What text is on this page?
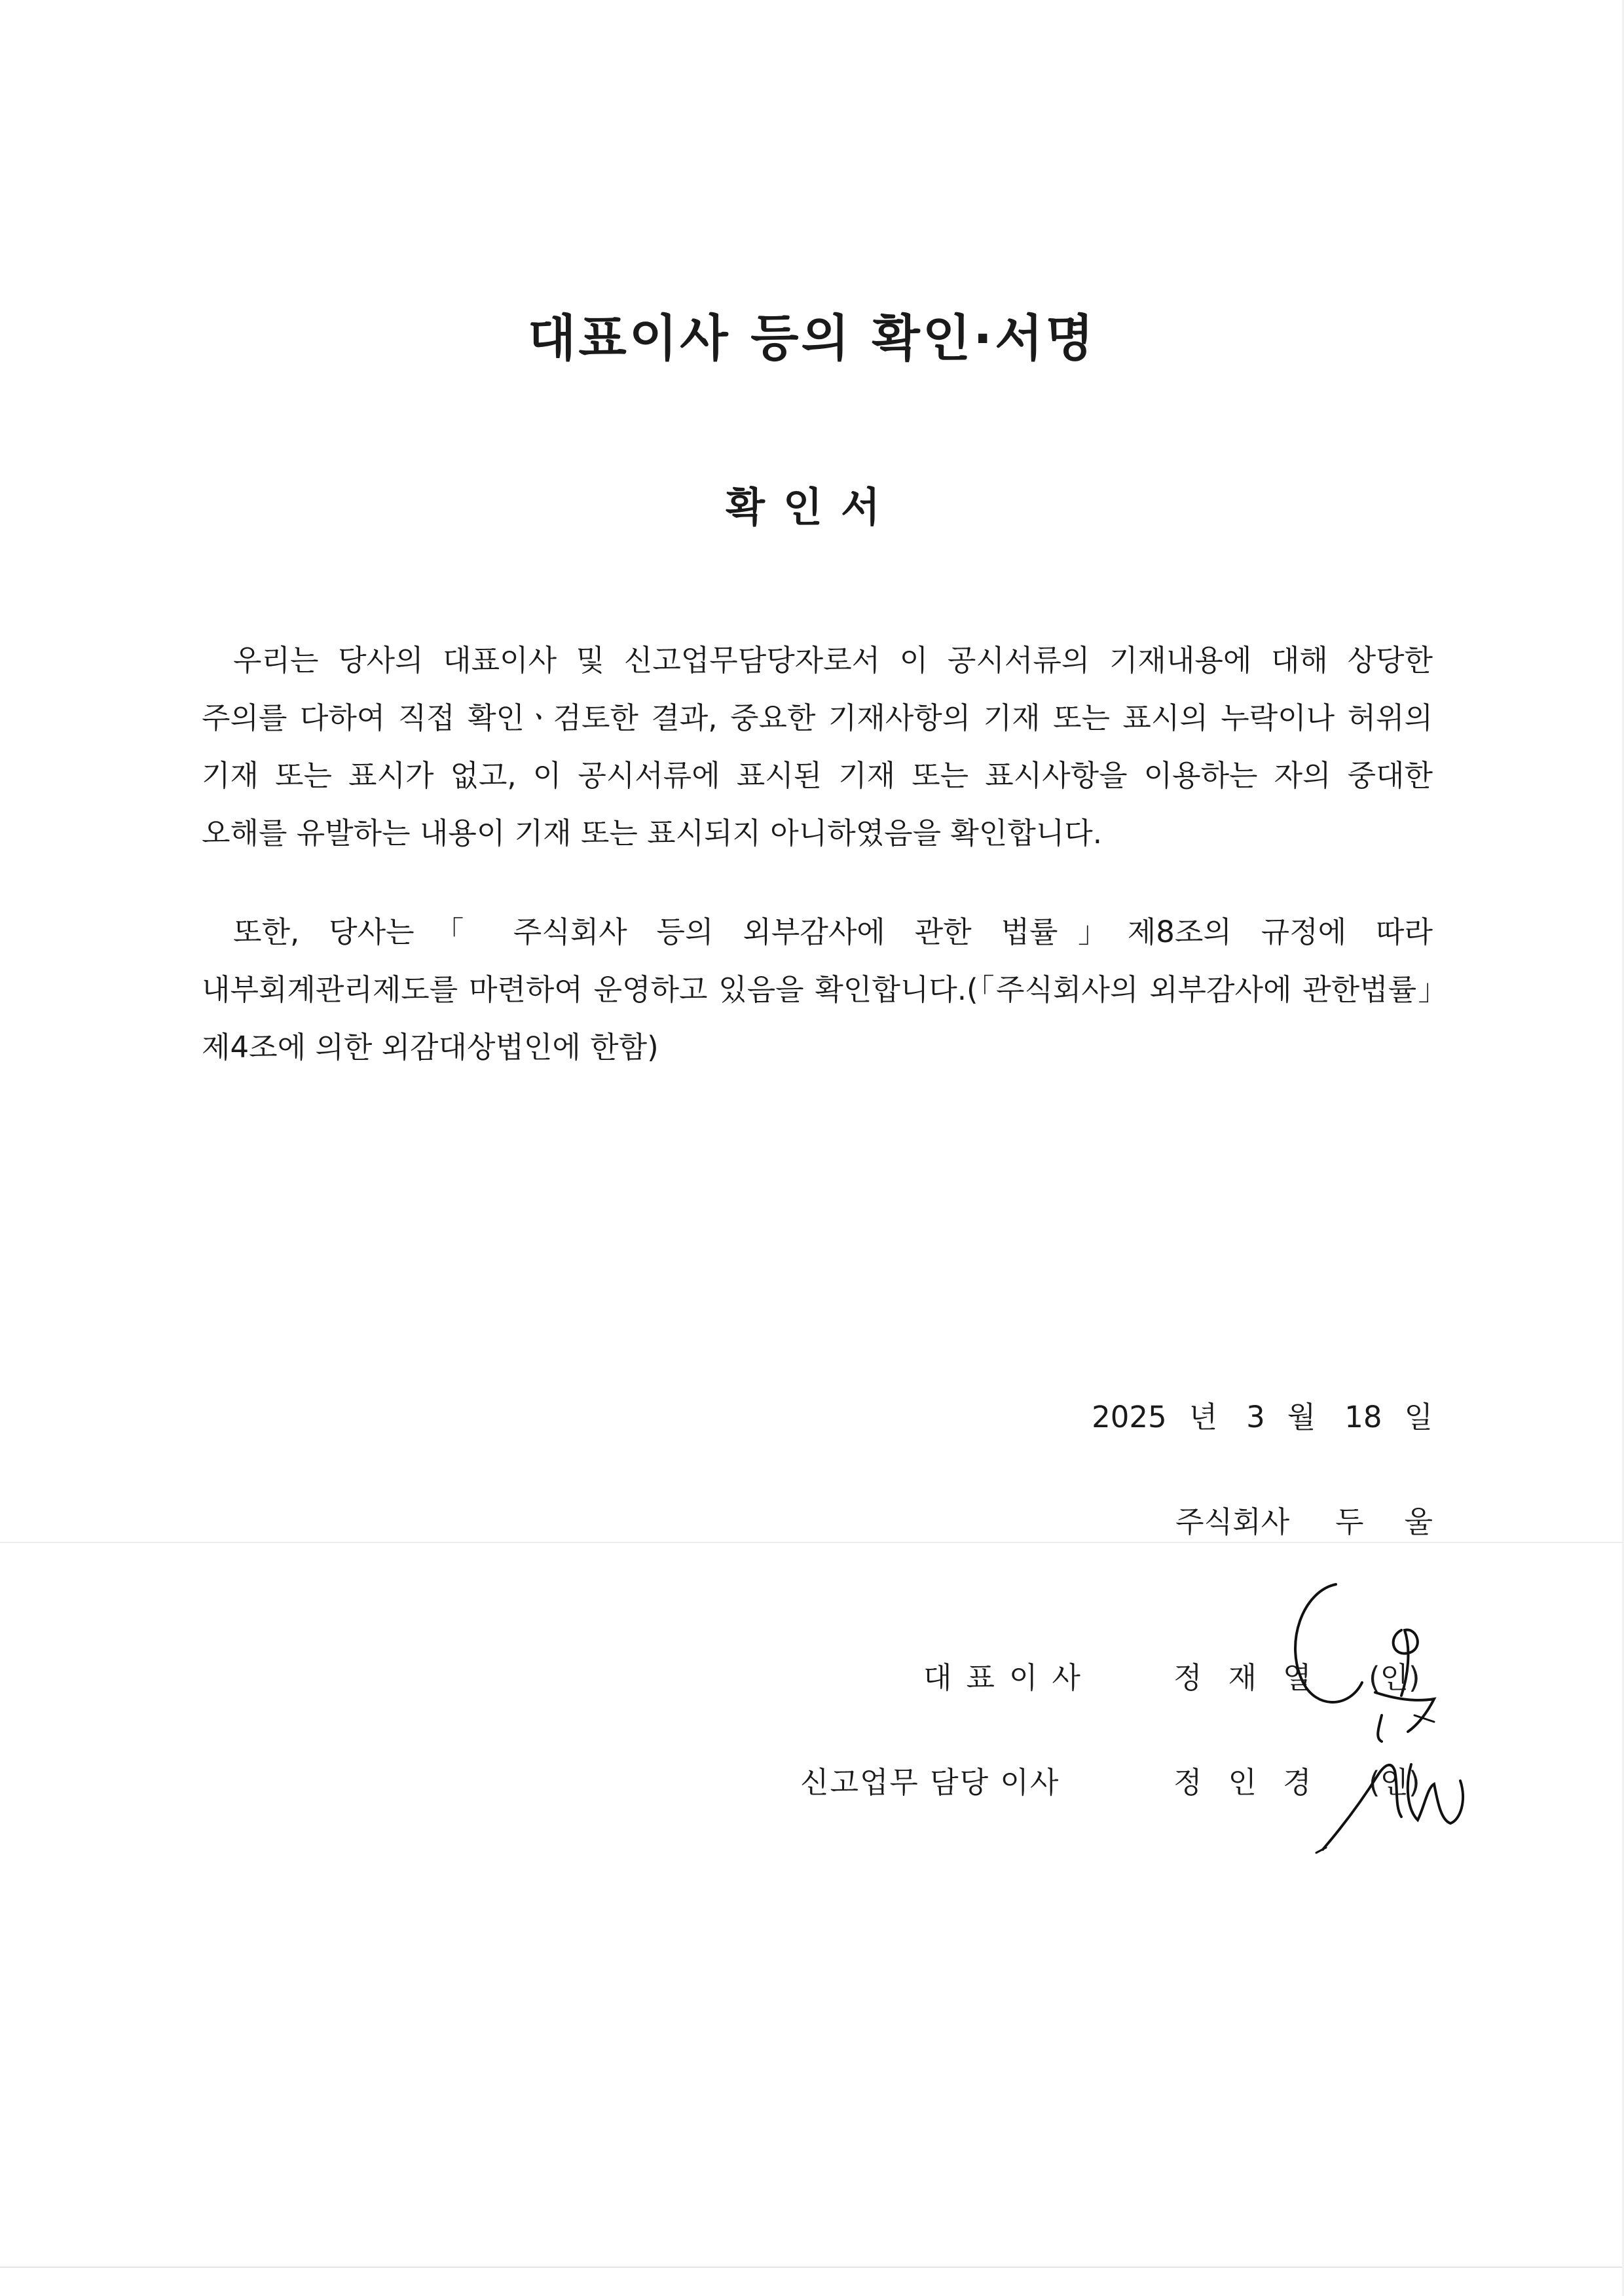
대표이사 등의 확인·서명
확인서

우리는 당사의 대표이사 및 신고업무담당자로서 이 공시서류의 기재내용에 대해 상당한 주의를 다하여 직접 확인ㆍ검토한 결과, 중요한 기재사항의 기재 또는 표시의 누락이나 허위의 기재 또는 표시가 없고, 이 공시서류에 표시된 기재 또는 표시사항을 이용하는 자의 중대한 오해를 유발하는 내용이 기재 또는 표시되지 아니하였음을 확인합니다.

또한, 당사는「 주식회사 등의 외부감사에 관한 법률」제8조의 규정에 따라 내부회계관리제도를 마련하여 운영하고 있음을 확인합니다.(「주식회사의 외부감사에 관한법률」제4조에 의한 외감대상법인에 한함)

2025 년 3 월 18 일
주식회사 두울
대표이사	정재열 (인)
신고업무 담당 이사	정인경 (인)
